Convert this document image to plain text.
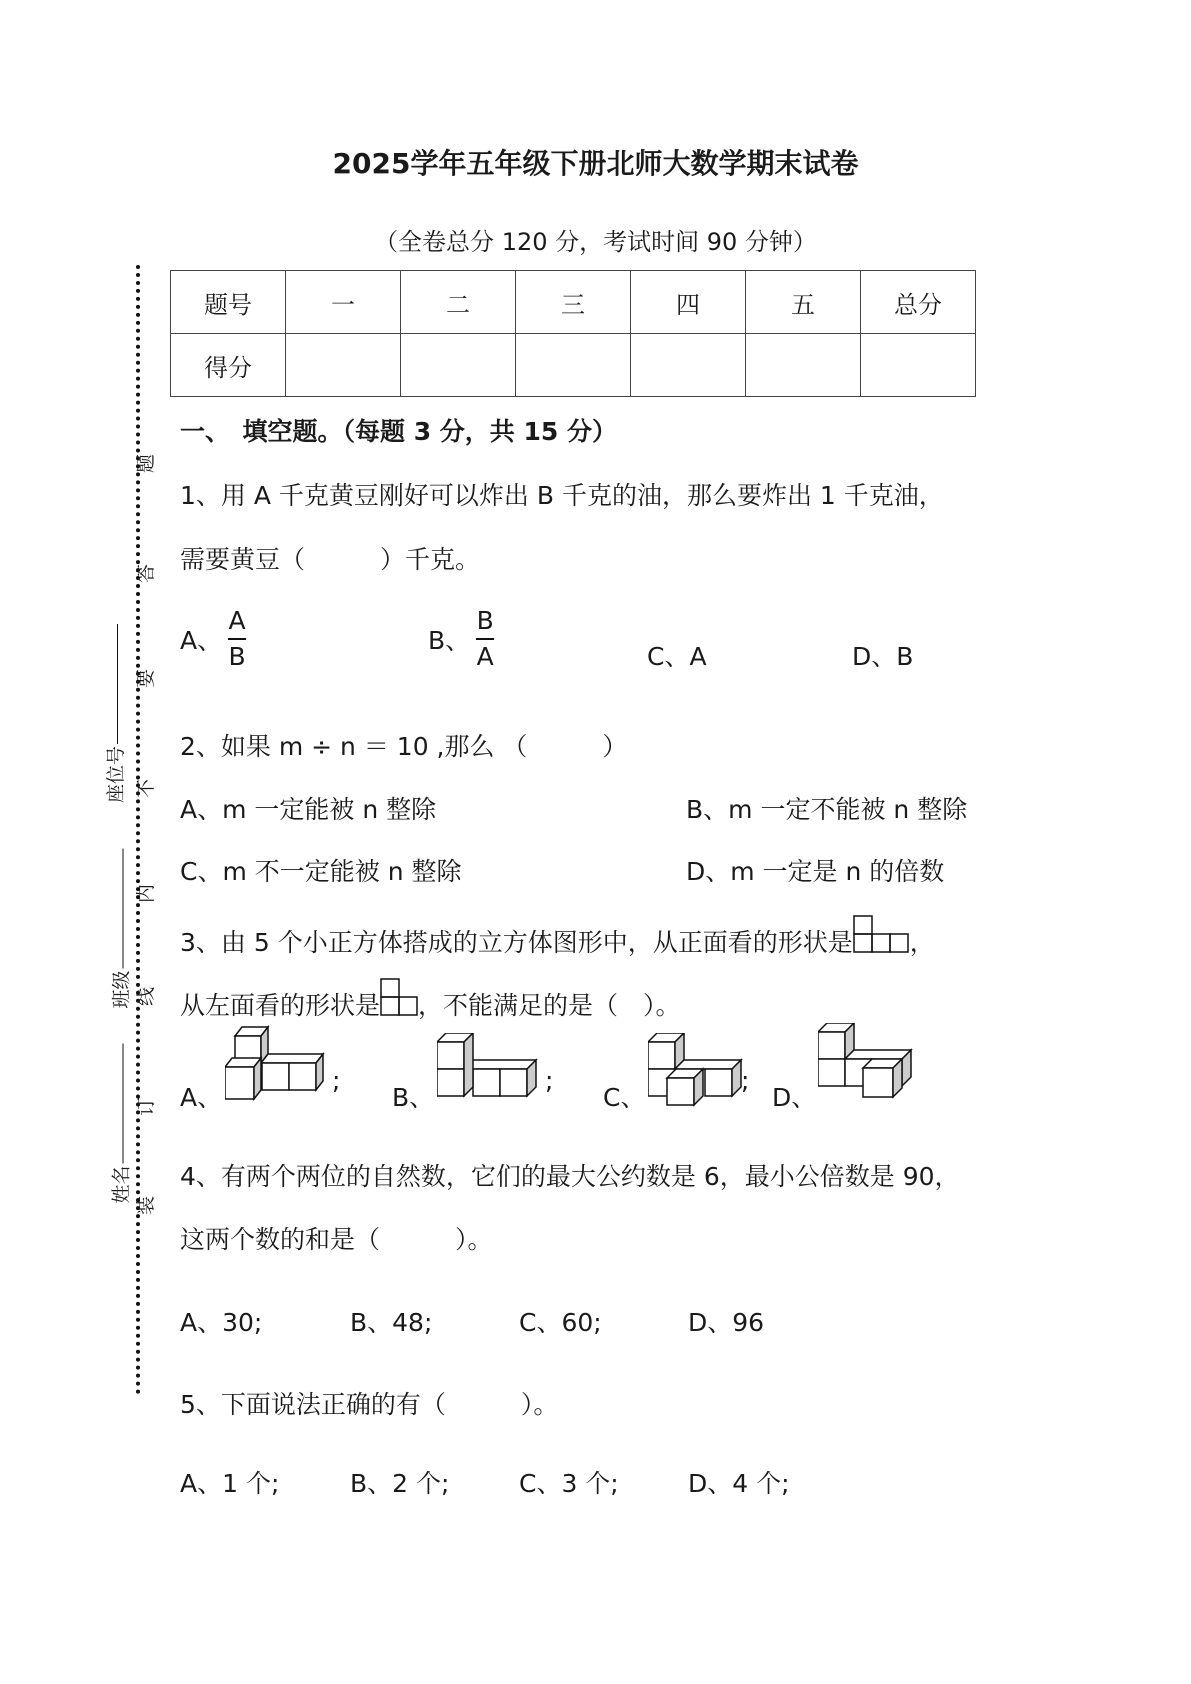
2025学年五年级下册北师大数学期末试卷
（全卷总分 120 分，考试时间 90 分钟）
题
答
要
不
内
线
订
装
座位号
班级
姓名
题号	一	二	三	四	五	总分
得分						
一、　填空题。（每题 3 分，共 15 分）
1、用 A 千克黄豆刚好可以炸出 B 千克的油，那么要炸出 1 千克油，
需要黄豆（　　　）千克。
A、 $\frac{A}{B}$	B、 $\frac{B}{A}$	C、A	D、B
2、如果 m ÷ n ＝ 10 ,那么 （　　　）
A、m 一定能被 n 整除	B、m 一定不能被 n 整除
C、m 不一定能被 n 整除	D、m 一定是 n 的倍数
3、由 5 个小正方体搭成的立方体图形中，从正面看的形状是 ，
从左面看的形状是 ，不能满足的是（　）。
A、
;
B、
;
C、
;
D、
4、有两个两位的自然数，它们的最大公约数是 6，最小公倍数是 90，
这两个数的和是（　　　）。
A、30;	B、48;	C、60;	D、96
5、下面说法正确的有（　　　）。
A、1 个;	B、2 个;	C、3 个;	D、4 个;
